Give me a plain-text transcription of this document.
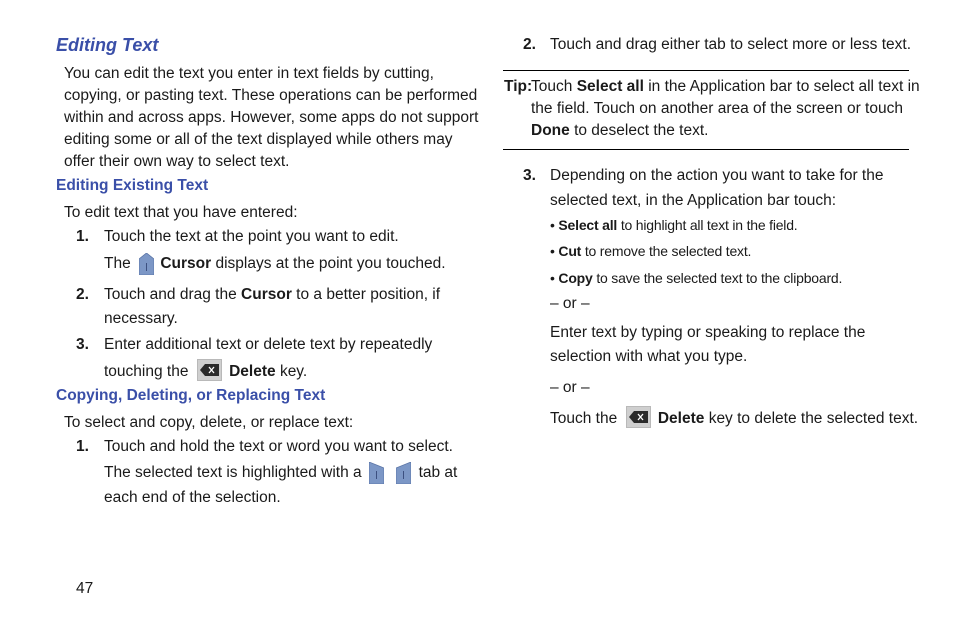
Editing Text
You can edit the text you enter in text fields by cutting,
copying, or pasting text. These operations can be performed
within and across apps. However, some apps do not support
editing some or all of the text displayed while others may
offer their own way to select text.
Editing Existing Text
To edit text that you have entered:
1. Touch the text at the point you want to edit.
The Cursor displays at the point you touched.
2. Touch and drag the Cursor to a better position, if
necessary.
3. Enter additional text or delete text by repeatedly
touching the	Delete key.
Copying, Deleting, or Replacing Text
To select and copy, delete, or replace text:
1. Touch and hold the text or word you want to select.
The selected text is highlighted with a
	tab at
each end of the selection.
47
2. Touch and drag either tab to select more or less text.
Tip:
Touch Select all in the Application bar to select all text in
the field. Touch on another area of the screen or touch
Done to deselect the text.
3. Depending on the action you want to take for the
selected text, in the Application bar touch:
• Select all to highlight all text in the field.
• Cut to remove the selected text.
• Copy to save the selected text to the clipboard.
– or –
Enter text by typing or speaking to replace the
selection with what you type.
– or –
Touch the	Delete key to delete the selected text.
